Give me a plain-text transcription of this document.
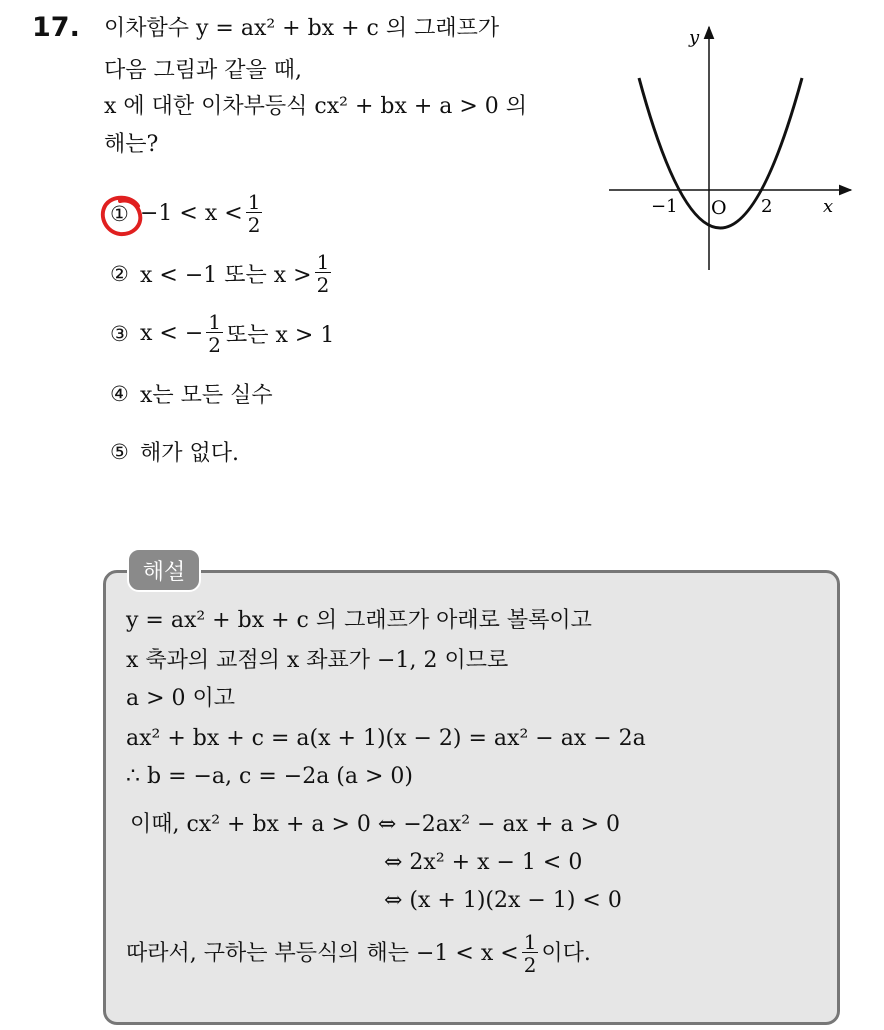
17. 이차함수 y = ax² + bx + c 의 그래프가
다음 그림과 같을 때,
x 에 대한 이차부등식 cx² + bx + a > 0 의
해는?
① $-1 < x < \frac{1}{2}$
② x < −1 또는 $x > \frac{1}{2}$
③ x < − $\frac{1}{2}$ 또는 x > 1
④ x는 모든 실수
⑤ 해가 없다.
y
x
O
−1	2
해설
y = ax² + bx + c 의 그래프가 아래로 볼록이고
x 축과의 교점의 x 좌표가 −1, 2 이므로
a > 0 이고
ax² + bx + c = a(x + 1)(x − 2) = ax² − ax − 2a
∴ b = −a, c = −2a (a > 0)
이때, cx² + bx + a > 0 ⇔ −2ax² − ax + a > 0
⇔ 2x² + x − 1 < 0
⇔ (x + 1)(2x − 1) < 0
따라서, 구하는 부등식의 해는 $-1 < x < \frac{1}{2}$ 이다.
